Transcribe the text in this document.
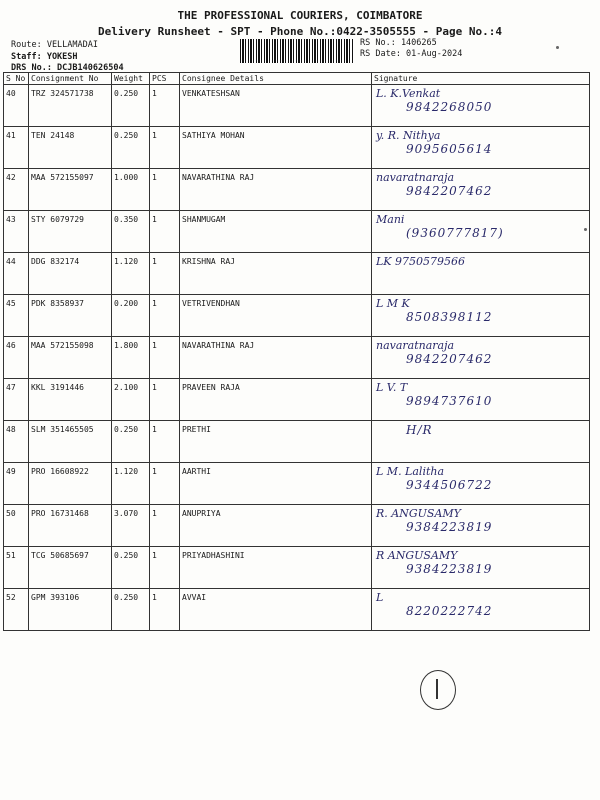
THE PROFESSIONAL COURIERS, COIMBATORE
Delivery Runsheet - SPT - Phone No.:0422-3505555 - Page No.:4
Route: VELLAMADAI
Staff: YOKESH
DRS No.: DCJB140626504
RS No.: 1406265
RS Date: 01-Aug-2024
S No	Consignment No	Weight	PCS	Consignee Details	Signature
40	TRZ 324571738	0.250	1	VENKATESHSAN	L. K.Venkat
9842268050

41	TEN 24148	0.250	1	SATHIYA MOHAN	y. R. Nithya
9095605614

42	MAA 572155097	1.000	1	NAVARATHINA RAJ	navaratnaraja
9842207462

43	STY 6079729	0.350	1	SHANMUGAM	Mani
(9360777817)

44	DDG 832174	1.120	1	KRISHNA RAJ	LK 9750579566

45	PDK 8358937	0.200	1	VETRIVENDHAN	L M K
8508398112

46	MAA 572155098	1.800	1	NAVARATHINA RAJ	navaratnaraja
9842207462

47	KKL 3191446	2.100	1	PRAVEEN RAJA	L V. T
9894737610

48	SLM 351465505	0.250	1	PRETHI	H/R

49	PRO 16608922	1.120	1	AARTHI	L M. Lalitha
9344506722

50	PRO 16731468	3.070	1	ANUPRIYA	R. ANGUSAMY
9384223819

51	TCG 50685697	0.250	1	PRIYADHASHINI	R ANGUSAMY
9384223819

52	GPM 393106	0.250	1	AVVAI	L
8220222742
